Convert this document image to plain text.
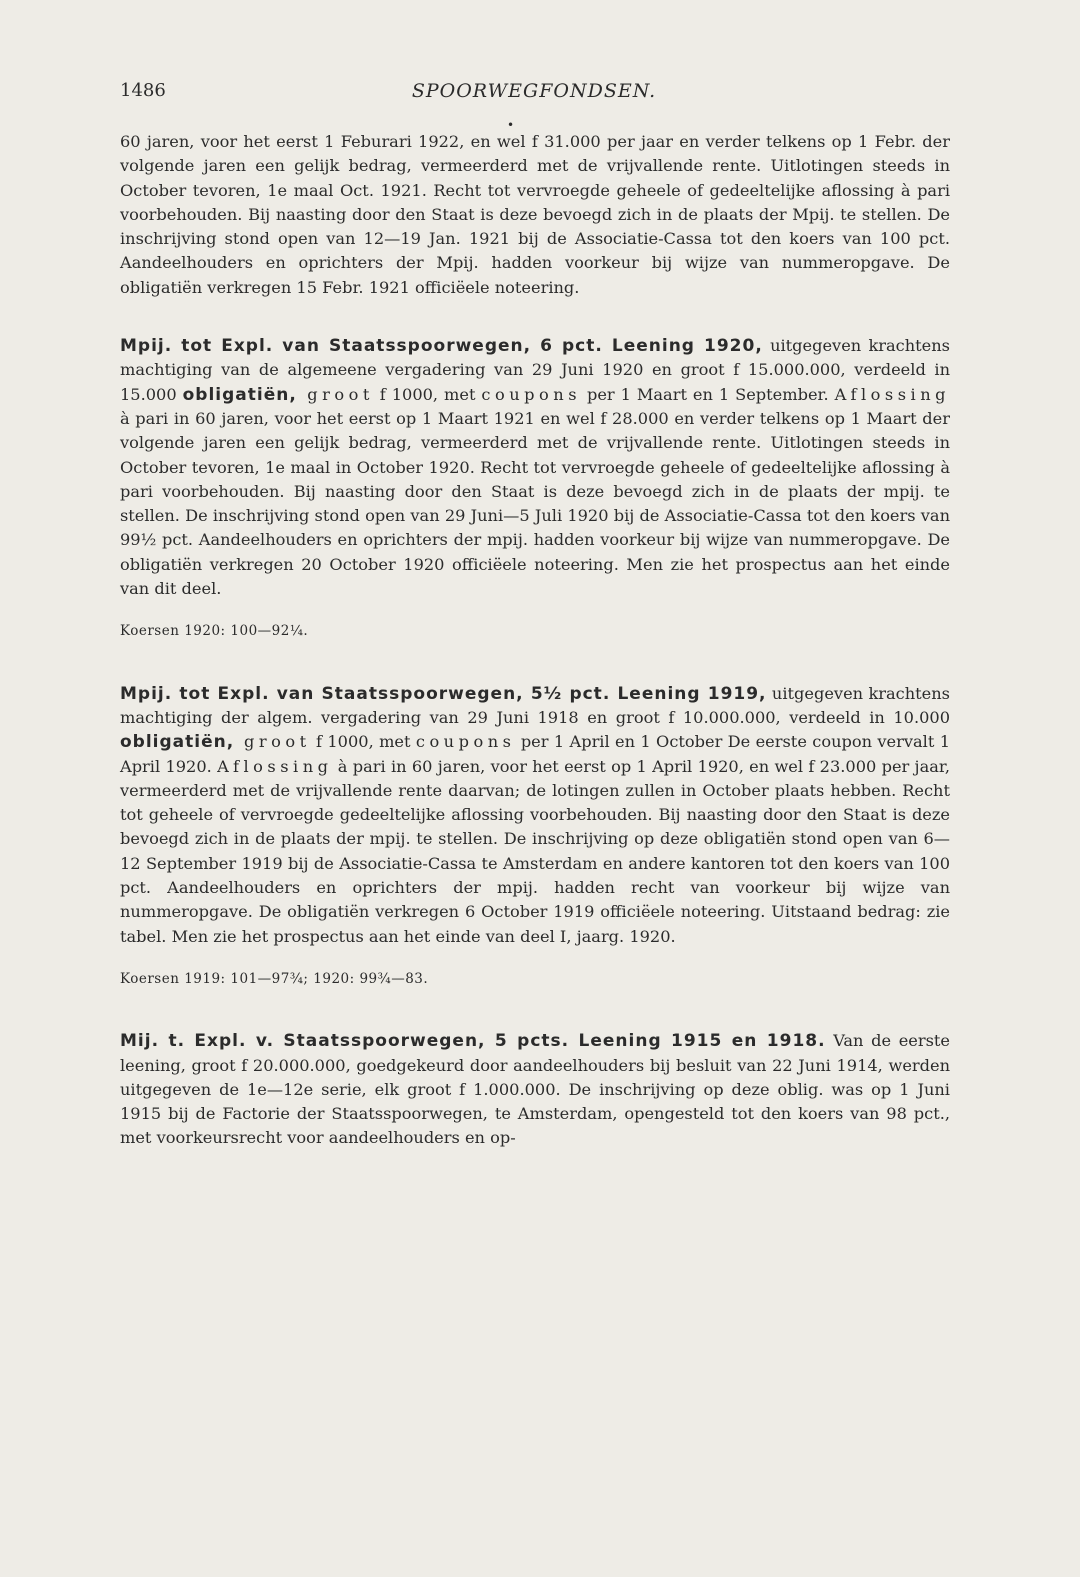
1486	SPOORWEGFONDSEN.
•

60 jaren, voor het eerst 1 Feburari 1922, en wel f 31.000 per jaar en verder telkens op 1 Febr. der volgende jaren een gelijk bedrag, vermeerderd met de vrijvallende rente. Uitlotingen steeds in October tevoren, 1e maal Oct. 1921. Recht tot vervroegde geheele of gedeeltelijke aflossing à pari voorbehouden. Bij naasting door den Staat is deze bevoegd zich in de plaats der Mpij. te stellen. De inschrijving stond open van 12—19 Jan. 1921 bij de Associatie-Cassa tot den koers van 100 pct. Aandeelhouders en oprichters der Mpij. hadden voorkeur bij wijze van nummeropgave. De obligatiën verkregen 15 Febr. 1921 officiëele noteering.

Mpij. tot Expl. van Staatsspoorwegen, 6 pct. Leening 1920, uitgegeven krachtens machtiging van de algemeene vergadering van 29 Juni 1920 en groot f 15.000.000, verdeeld in 15.000 obligatiën, groot f 1000, met coupons per 1 Maart en 1 September. Aflossing à pari in 60 jaren, voor het eerst op 1 Maart 1921 en wel f 28.000 en verder telkens op 1 Maart der volgende jaren een gelijk bedrag, vermeerderd met de vrijvallende rente. Uitlotingen steeds in October tevoren, 1e maal in October 1920. Recht tot vervroegde geheele of gedeeltelijke aflossing à pari voorbehouden. Bij naasting door den Staat is deze bevoegd zich in de plaats der mpij. te stellen. De inschrijving stond open van 29 Juni—5 Juli 1920 bij de Associatie-Cassa tot den koers van 99½ pct. Aandeelhouders en oprichters der mpij. hadden voorkeur bij wijze van nummeropgave. De obligatiën verkregen 20 October 1920 officiëele noteering. Men zie het prospectus aan het einde van dit deel.

Koersen 1920: 100—92¼.

Mpij. tot Expl. van Staatsspoorwegen, 5½ pct. Leening 1919, uitgegeven krachtens machtiging der algem. vergadering van 29 Juni 1918 en groot f 10.000.000, verdeeld in 10.000 obligatiën, groot f 1000, met coupons per 1 April en 1 October De eerste coupon vervalt 1 April 1920. Aflossing à pari in 60 jaren, voor het eerst op 1 April 1920, en wel f 23.000 per jaar, vermeerderd met de vrijvallende rente daarvan; de lotingen zullen in October plaats hebben. Recht tot geheele of vervroegde gedeeltelijke aflossing voorbehouden. Bij naasting door den Staat is deze bevoegd zich in de plaats der mpij. te stellen. De inschrijving op deze obligatiën stond open van 6—12 September 1919 bij de Associatie-Cassa te Amsterdam en andere kantoren tot den koers van 100 pct. Aandeelhouders en oprichters der mpij. hadden recht van voorkeur bij wijze van nummeropgave. De obligatiën verkregen 6 October 1919 officiëele noteering. Uitstaand bedrag: zie tabel. Men zie het prospectus aan het einde van deel I, jaarg. 1920.

Koersen 1919: 101—97¾; 1920: 99¾—83.

Mij. t. Expl. v. Staatsspoorwegen, 5 pcts. Leening 1915 en 1918. Van de eerste leening, groot f 20.000.000, goedgekeurd door aandeelhouders bij besluit van 22 Juni 1914, werden uitgegeven de 1e—12e serie, elk groot f 1.000.000. De inschrijving op deze oblig. was op 1 Juni 1915 bij de Factorie der Staatsspoorwegen, te Amsterdam, opengesteld tot den koers van 98 pct., met voorkeursrecht voor aandeelhouders en op-
